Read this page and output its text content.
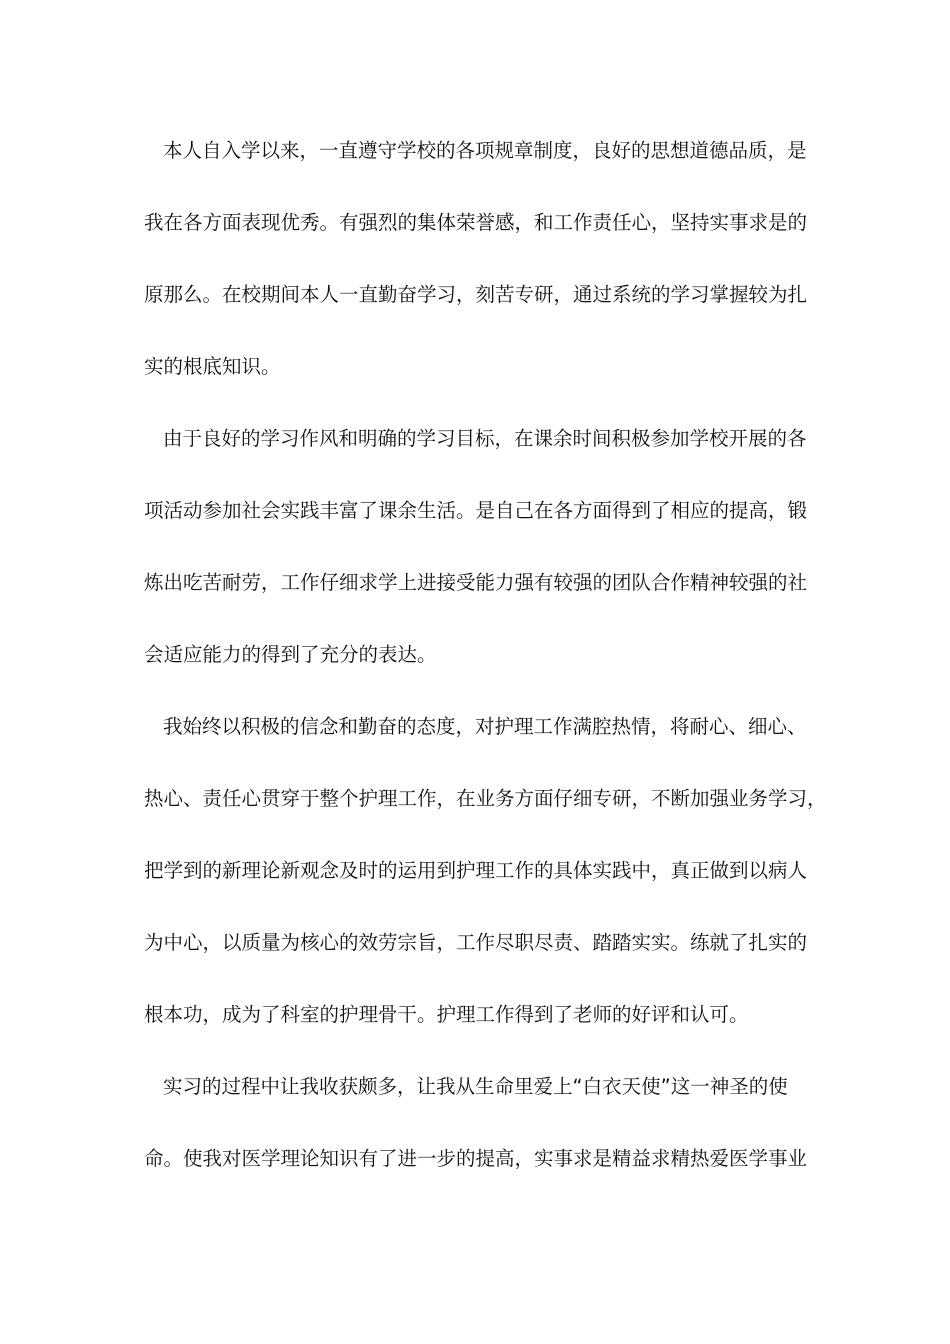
本人自入学以来，一直遵守学校的各项规章制度，良好的思想道德品质，是
我在各方面表现优秀。有强烈的集体荣誉感，和工作责任心，坚持实事求是的
原那么。在校期间本人一直勤奋学习，刻苦专研，通过系统的学习掌握较为扎
实的根底知识。
由于良好的学习作风和明确的学习目标，在课余时间积极参加学校开展的各
项活动参加社会实践丰富了课余生活。是自己在各方面得到了相应的提高，锻
炼出吃苦耐劳，工作仔细求学上进接受能力强有较强的团队合作精神较强的社
会适应能力的得到了充分的表达。
我始终以积极的信念和勤奋的态度，对护理工作满腔热情，将耐心、细心、
热心、责任心贯穿于整个护理工作，在业务方面仔细专研，不断加强业务学习，
把学到的新理论新观念及时的运用到护理工作的具体实践中，真正做到以病人
为中心，以质量为核心的效劳宗旨，工作尽职尽责、踏踏实实。练就了扎实的
根本功，成为了科室的护理骨干。护理工作得到了老师的好评和认可。
实习的过程中让我收获颇多，让我从生命里爱上“白衣天使”这一神圣的使
命。使我对医学理论知识有了进一步的提高，实事求是精益求精热爱医学事业
